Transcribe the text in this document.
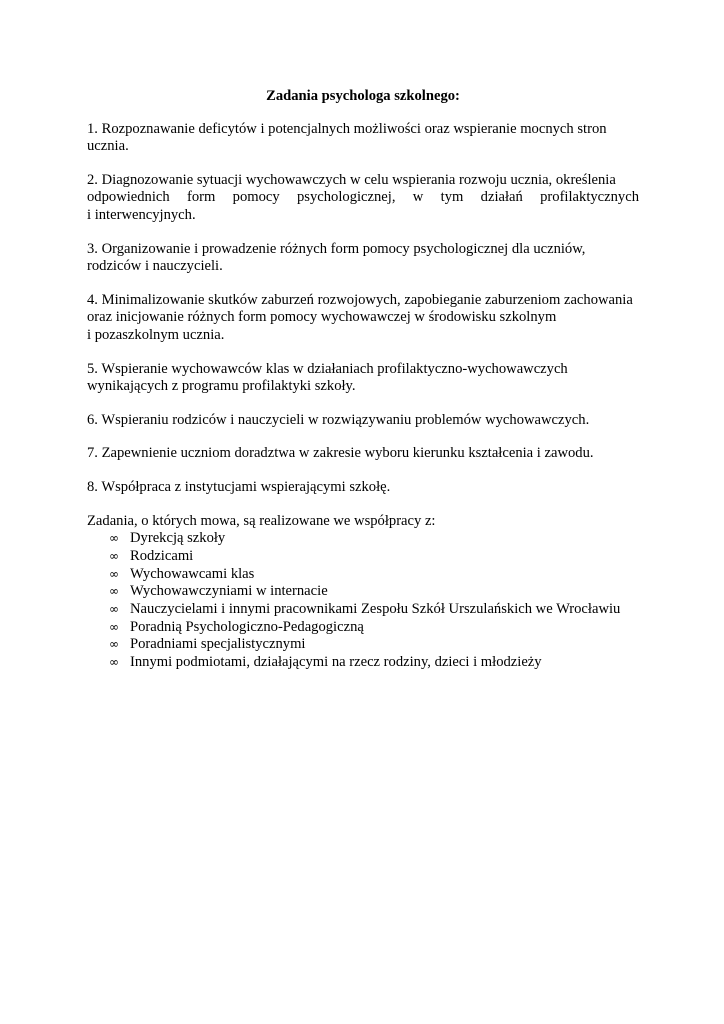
Zadania psychologa szkolnego:
1. Rozpoznawanie deficytów i potencjalnych możliwości oraz wspieranie mocnych stron
ucznia.
2. Diagnozowanie sytuacji wychowawczych w celu wspierania rozwoju ucznia, określenia
odpowiednich form pomocy psychologicznej, w tym działań profilaktycznych
i interwencyjnych.
3. Organizowanie i prowadzenie różnych form pomocy psychologicznej dla uczniów,
rodziców i nauczycieli.
4. Minimalizowanie skutków zaburzeń rozwojowych, zapobieganie zaburzeniom zachowania
oraz inicjowanie różnych form pomocy wychowawczej w środowisku szkolnym
i pozaszkolnym ucznia.
5. Wspieranie wychowawców klas w działaniach profilaktyczno-wychowawczych
wynikających z programu profilaktyki szkoły.
6. Wspieraniu rodziców i nauczycieli w rozwiązywaniu problemów wychowawczych.
7. Zapewnienie uczniom doradztwa w zakresie wyboru kierunku kształcenia i zawodu.
8. Współpraca z instytucjami wspierającymi szkołę.
Zadania, o których mowa, są realizowane we współpracy z:
∞ Dyrekcją szkoły
∞ Rodzicami
∞ Wychowawcami klas
∞ Wychowawczyniami w internacie
∞ Nauczycielami i innymi pracownikami Zespołu Szkół Urszulańskich we Wrocławiu
∞ Poradnią Psychologiczno-Pedagogiczną
∞ Poradniami specjalistycznymi
∞ Innymi podmiotami, działającymi na rzecz rodziny, dzieci i młodzieży
